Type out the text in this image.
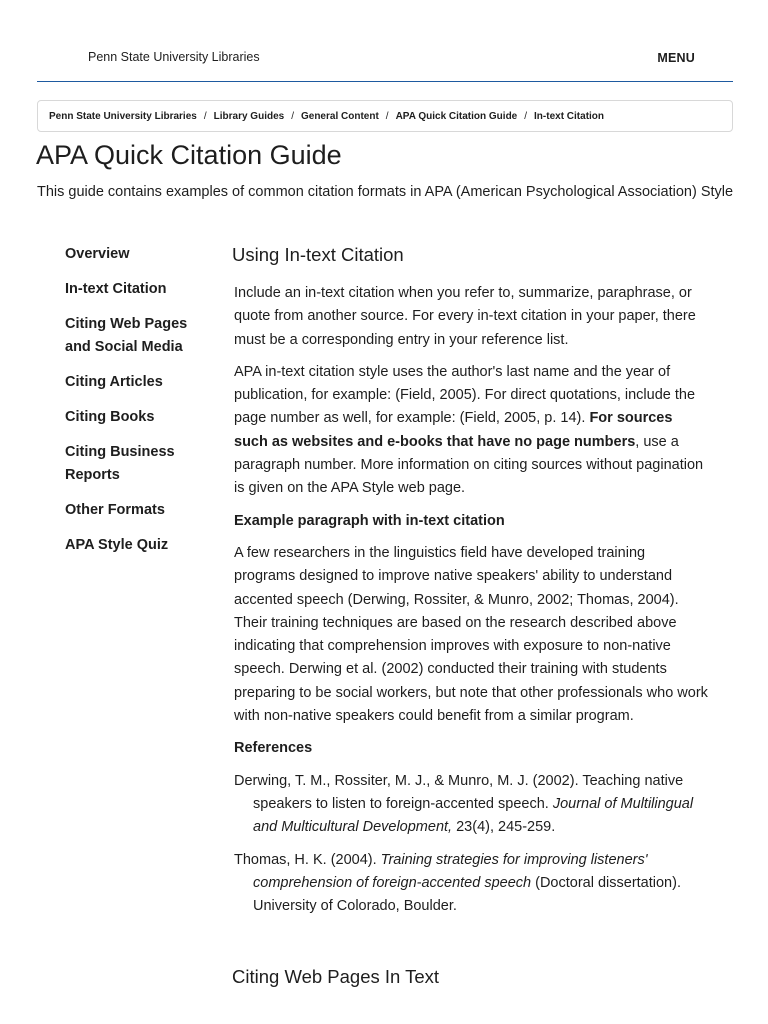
Penn State University Libraries	MENU
Penn State University Libraries / Library Guides / General Content / APA Quick Citation Guide / In-text Citation
APA Quick Citation Guide

This guide contains examples of common citation formats in APA (American Psychological Association) Style

Overview
In-text Citation
Citing Web Pages and Social Media
Citing Articles
Citing Books
Citing Business Reports
Other Formats
APA Style Quiz
Using In-text Citation

Include an in-text citation when you refer to, summarize, paraphrase, or quote from another source. For every in-text citation in your paper, there must be a corresponding entry in your reference list.

APA in-text citation style uses the author's last name and the year of publication, for example: (Field, 2005). For direct quotations, include the page number as well, for example: (Field, 2005, p. 14). For sources such as websites and e-books that have no page numbers, use a paragraph number. More information on citing sources without pagination is given on the APA Style web page.

Example paragraph with in-text citation

A few researchers in the linguistics field have developed training programs designed to improve native speakers' ability to understand accented speech (Derwing, Rossiter, & Munro, 2002; Thomas, 2004). Their training techniques are based on the research described above indicating that comprehension improves with exposure to non-native speech. Derwing et al. (2002) conducted their training with students preparing to be social workers, but note that other professionals who work with non-native speakers could benefit from a similar program.

References

Derwing, T. M., Rossiter, M. J., & Munro, M. J. (2002). Teaching native speakers to listen to foreign-accented speech. Journal of Multilingual and Multicultural Development, 23(4), 245-259.

Thomas, H. K. (2004). Training strategies for improving listeners' comprehension of foreign-accented speech (Doctoral dissertation). University of Colorado, Boulder.

Citing Web Pages In Text
